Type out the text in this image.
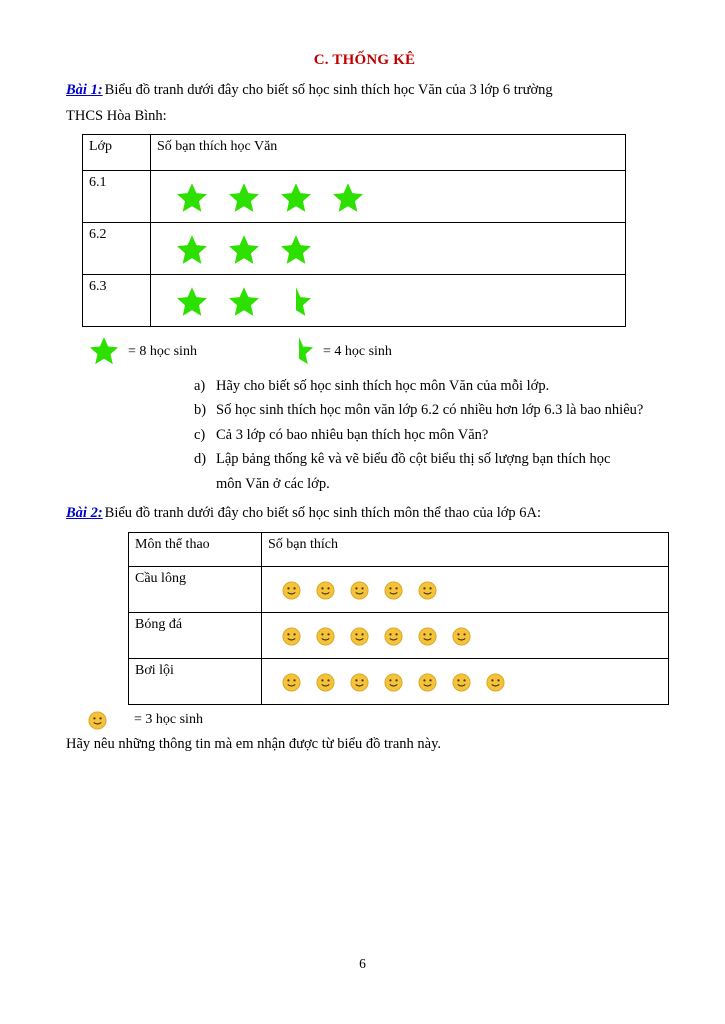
C. THỐNG KÊ

Bài 1: Biểu đồ tranh dưới đây cho biết số học sinh thích học Văn của 3 lớp 6 trường

THCS Hòa Bình:

Lớp	Số bạn thích học Văn
6.1	

6.2	

6.3	
= 8 học sinh	= 4 học sinh
a) Hãy cho biết số học sinh thích học môn Văn của mỗi lớp.
b) Số học sinh thích học môn văn lớp 6.2 có nhiều hơn lớp 6.3 là bao nhiêu?
c) Cả 3 lớp có bao nhiêu bạn thích học môn Văn?
d) Lập bảng thống kê và vẽ biểu đồ cột biểu thị số lượng bạn thích học
môn Văn ở các lớp.

Bài 2: Biểu đồ tranh dưới đây cho biết số học sinh thích môn thể thao của lớp 6A:

Môn thể thao	Số bạn thích
Cầu lông	

Bóng đá	

Bơi lội	
= 3 học sinh
Hãy nêu những thông tin mà em nhận được từ biểu đồ tranh này.
6
